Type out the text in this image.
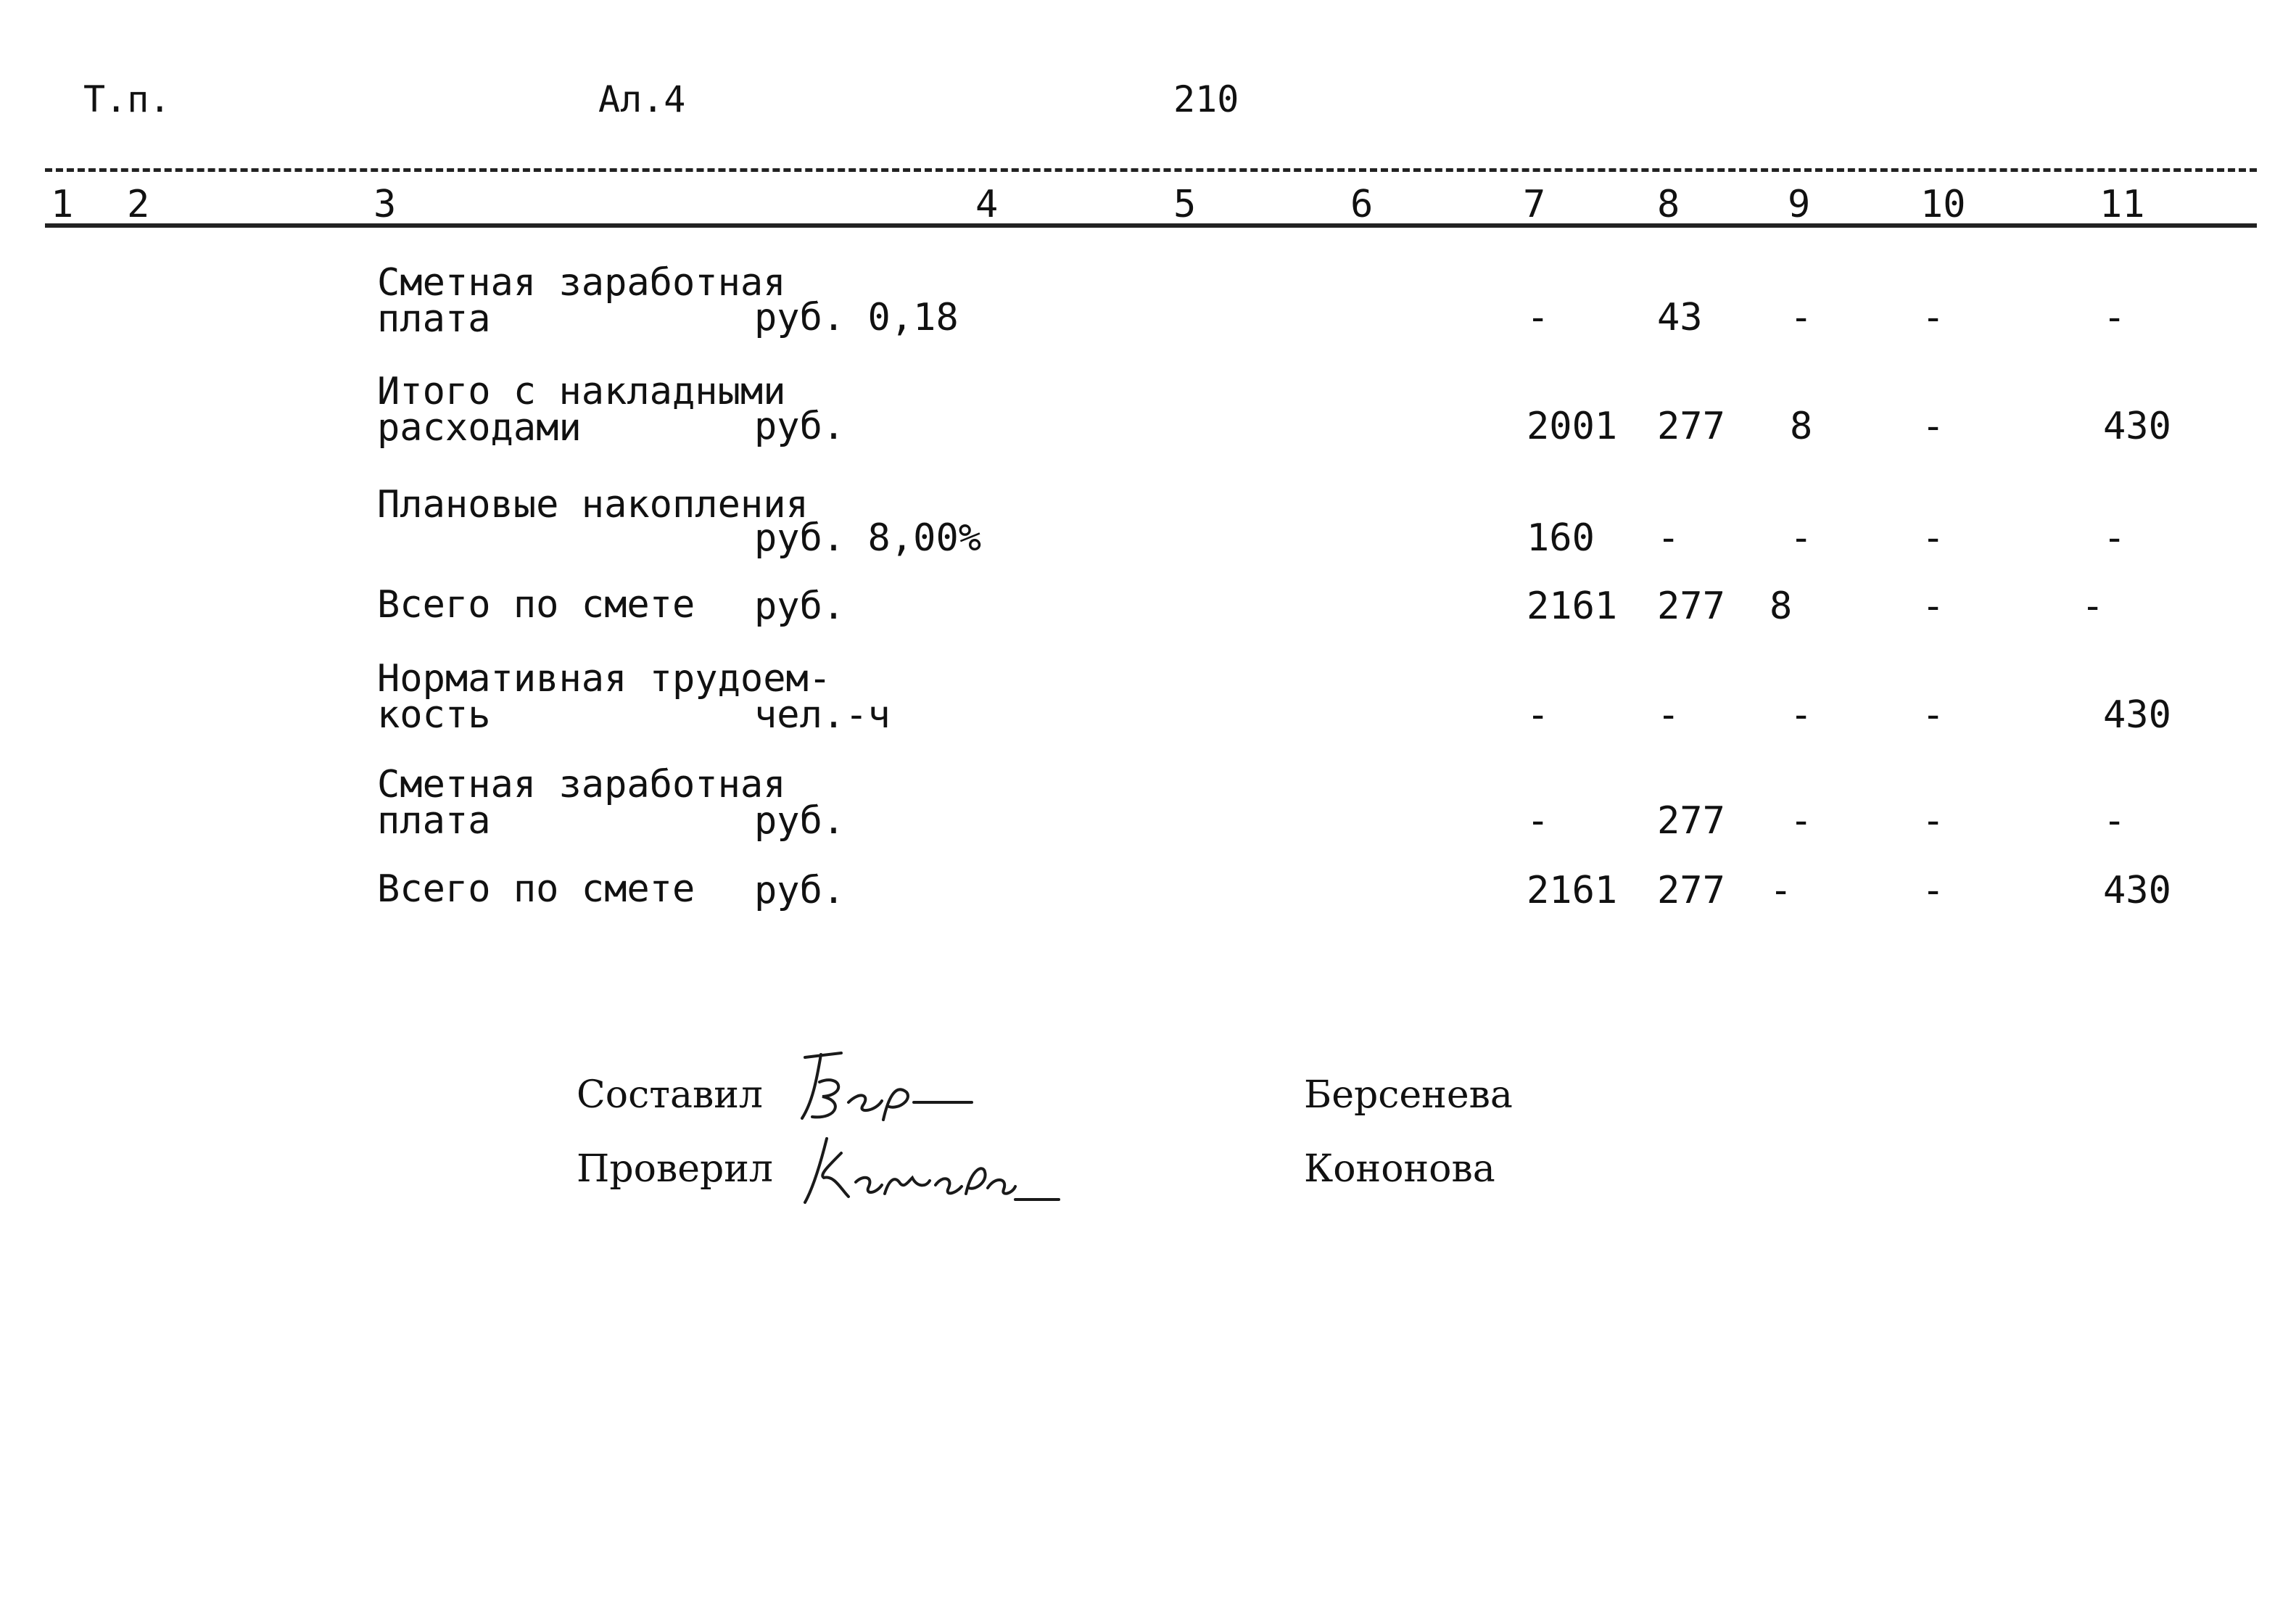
Т.п.	Ал.4	210
1 2	3	4	5	6	7	8	9	10	11
Сметная заработная
плата	руб. 0,18	-	43 -	-	-
Итого с накладными
расходами	руб.	2001 277 8	-	430
Плановые накопления
руб. 8,00%	160 -	-	-	-
Всего по смете руб.	2161 277 8	-	-
Нормативная трудоем-
кость	чел.-ч	-	-	-	-	430
Сметная заработная
плата	руб.	-	277 -	-	-
Всего по смете руб.	2161 277 -	-	430
Составил	Берсенева
Проверил	Кононова
